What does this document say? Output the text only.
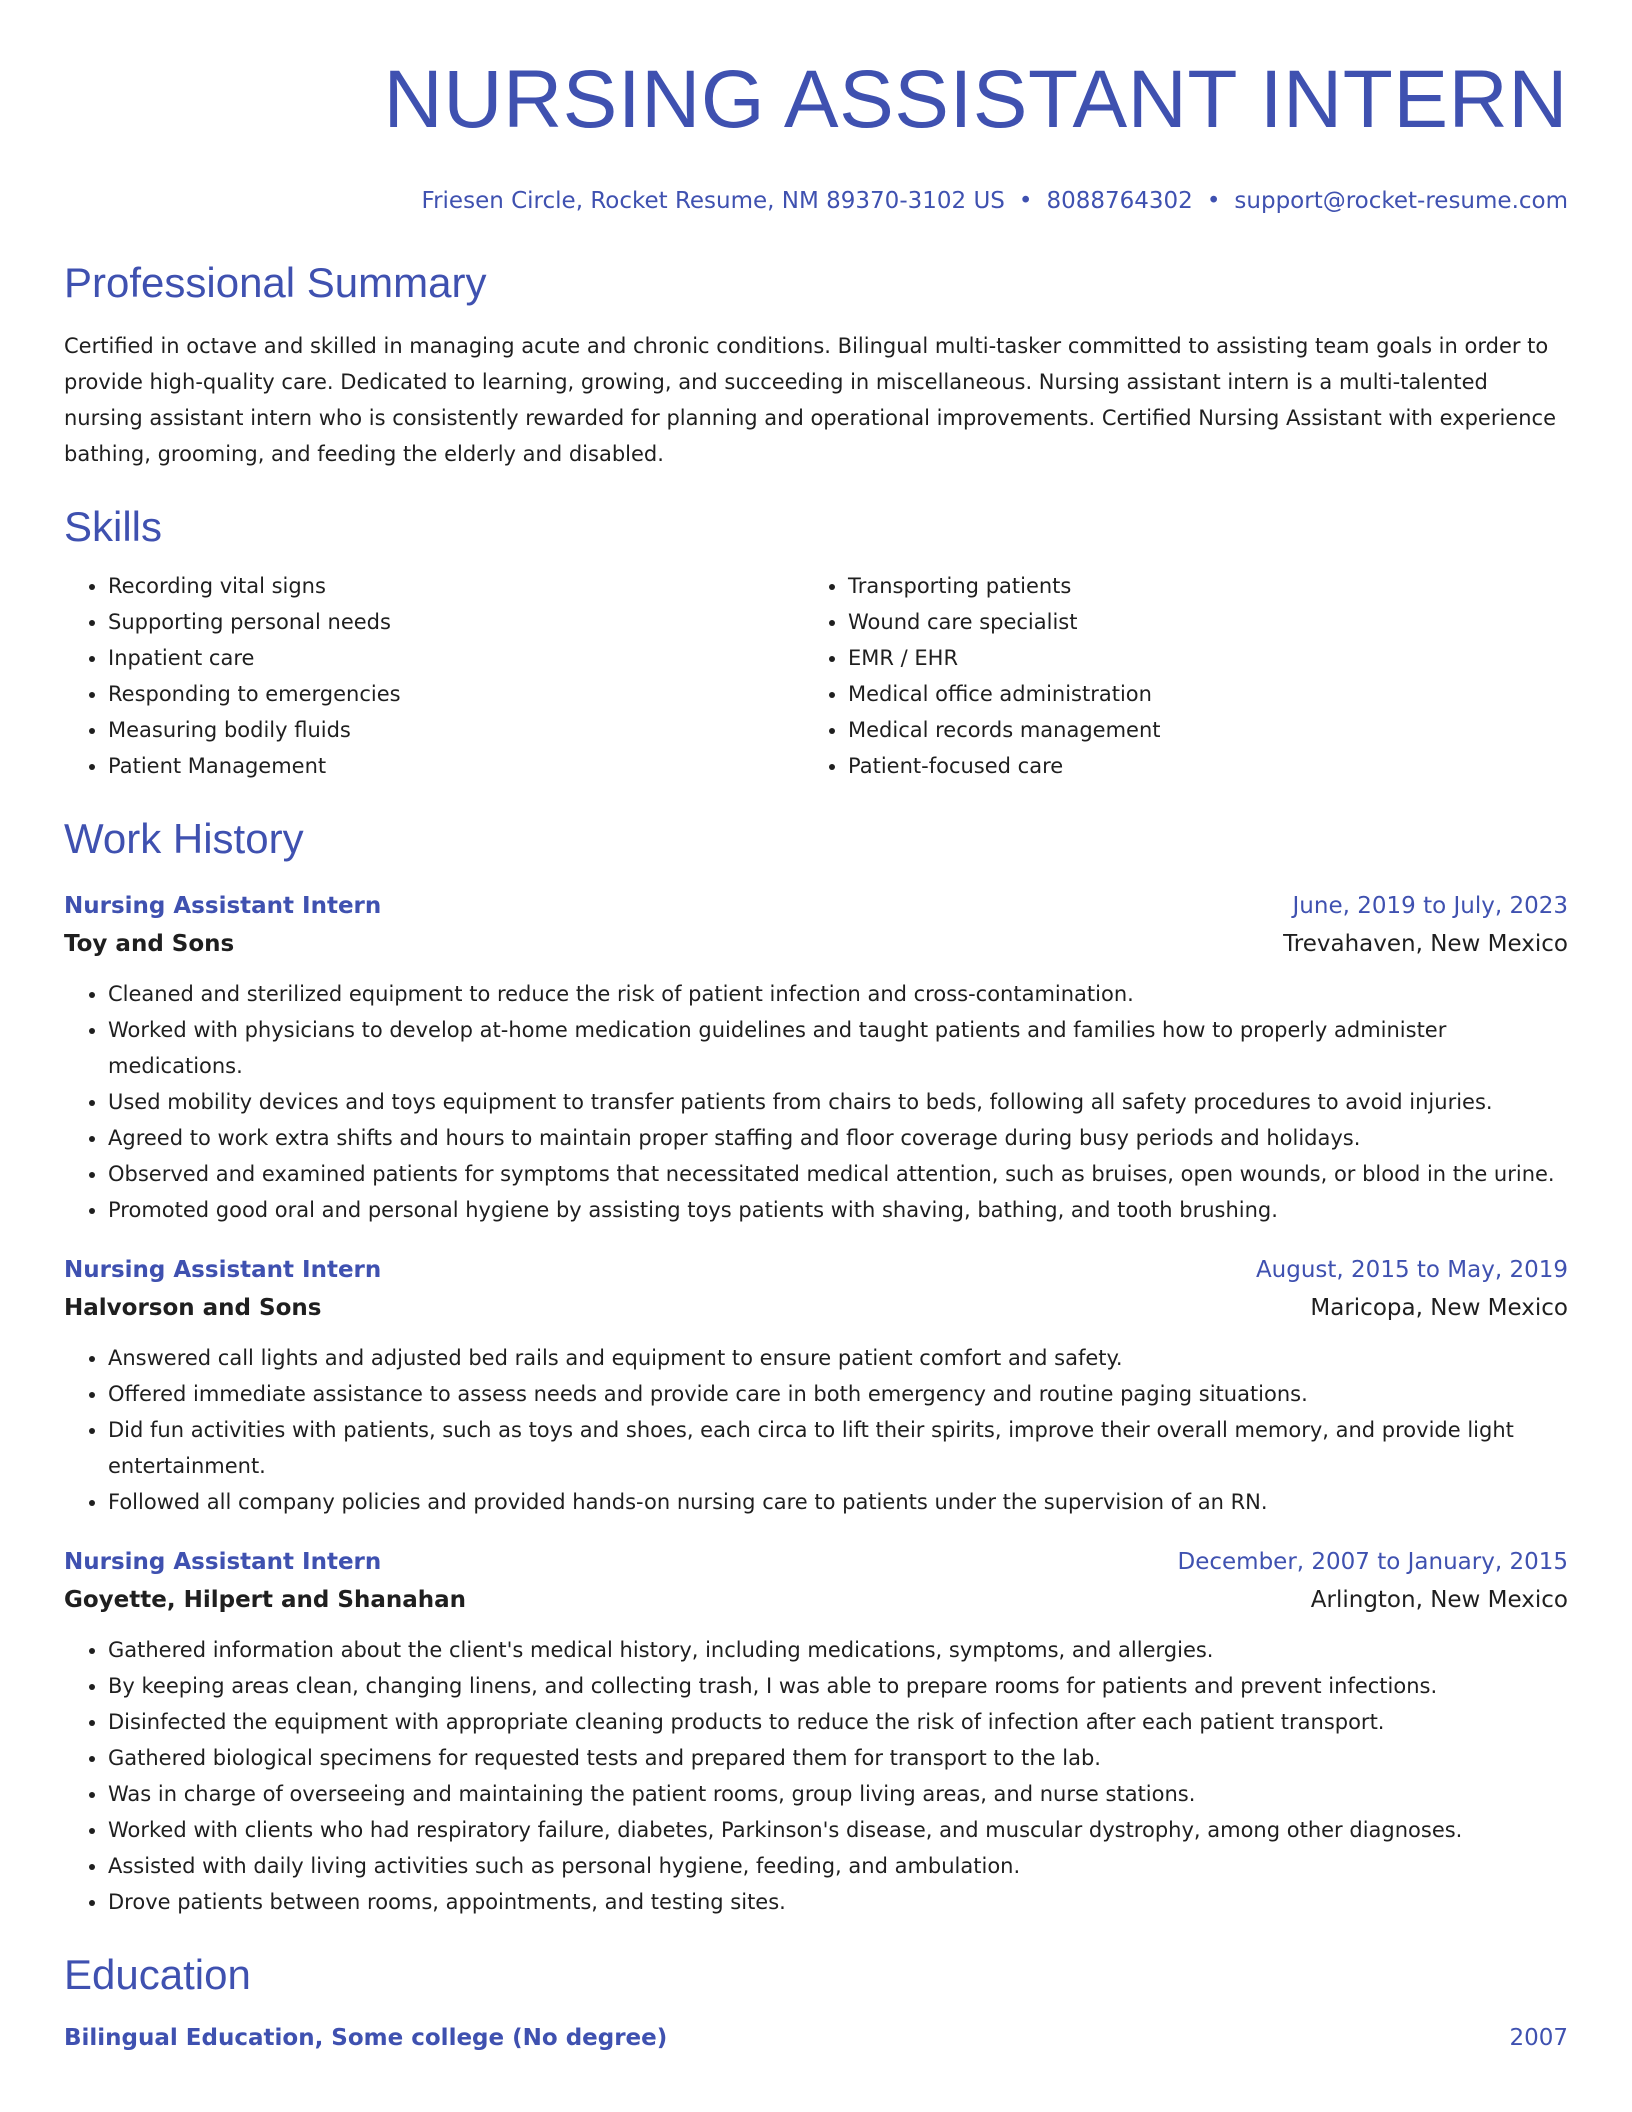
NURSING ASSISTANT INTERN
Friesen Circle, Rocket Resume, NM 89370-3102 US • 8088764302 • support@rocket-resume.com
Professional Summary
Certified in octave and skilled in managing acute and chronic conditions. Bilingual multi-tasker committed to assisting team goals in order to provide high-quality care. Dedicated to learning, growing, and succeeding in miscellaneous. Nursing assistant intern is a multi-talented nursing assistant intern who is consistently rewarded for planning and operational improvements. Certified Nursing Assistant with experience bathing, grooming, and feeding the elderly and disabled.
Skills
• Recording vital signs
• Supporting personal needs
• Inpatient care
• Responding to emergencies
• Measuring bodily fluids
• Patient Management
• Transporting patients
• Wound care specialist
• EMR / EHR
• Medical office administration
• Medical records management
• Patient-focused care
Work History
Nursing Assistant Intern	June, 2019 to July, 2023
Toy and Sons	Trevahaven, New Mexico
• Cleaned and sterilized equipment to reduce the risk of patient infection and cross-contamination.
• Worked with physicians to develop at-home medication guidelines and taught patients and families how to properly administer medications.
• Used mobility devices and toys equipment to transfer patients from chairs to beds, following all safety procedures to avoid injuries.
• Agreed to work extra shifts and hours to maintain proper staffing and floor coverage during busy periods and holidays.
• Observed and examined patients for symptoms that necessitated medical attention, such as bruises, open wounds, or blood in the urine.
• Promoted good oral and personal hygiene by assisting toys patients with shaving, bathing, and tooth brushing.
Nursing Assistant Intern	August, 2015 to May, 2019
Halvorson and Sons	Maricopa, New Mexico
• Answered call lights and adjusted bed rails and equipment to ensure patient comfort and safety.
• Offered immediate assistance to assess needs and provide care in both emergency and routine paging situations.
• Did fun activities with patients, such as toys and shoes, each circa to lift their spirits, improve their overall memory, and provide light entertainment.
• Followed all company policies and provided hands-on nursing care to patients under the supervision of an RN.
Nursing Assistant Intern	December, 2007 to January, 2015
Goyette, Hilpert and Shanahan	Arlington, New Mexico
• Gathered information about the client's medical history, including medications, symptoms, and allergies.
• By keeping areas clean, changing linens, and collecting trash, I was able to prepare rooms for patients and prevent infections.
• Disinfected the equipment with appropriate cleaning products to reduce the risk of infection after each patient transport.
• Gathered biological specimens for requested tests and prepared them for transport to the lab.
• Was in charge of overseeing and maintaining the patient rooms, group living areas, and nurse stations.
• Worked with clients who had respiratory failure, diabetes, Parkinson's disease, and muscular dystrophy, among other diagnoses.
• Assisted with daily living activities such as personal hygiene, feeding, and ambulation.
• Drove patients between rooms, appointments, and testing sites.
Education
Bilingual Education, Some college (No degree)	2007
